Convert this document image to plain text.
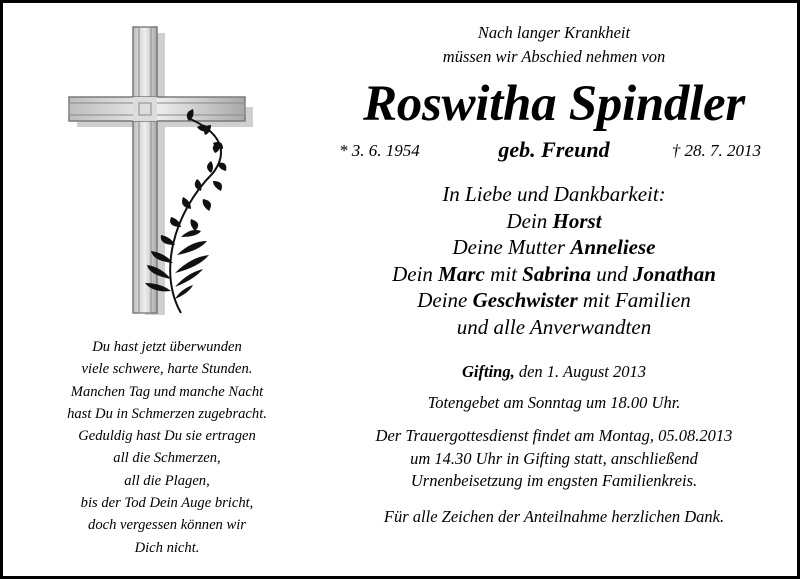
Du hast jetzt überwunden
viele schwere, harte Stunden.
Manchen Tag und manche Nacht
hast Du in Schmerzen zugebracht.
Geduldig hast Du sie ertragen
all die Schmerzen,
all die Plagen,
bis der Tod Dein Auge bricht,
doch vergessen können wir
Dich nicht.
Nach langer Krankheit
müssen wir Abschied nehmen von
Roswitha Spindler
* 3. 6. 1954	geb. Freund	† 28. 7. 2013
In Liebe und Dankbarkeit:
Dein Horst
Deine Mutter Anneliese
Dein Marc mit Sabrina und Jonathan
Deine Geschwister mit Familien
und alle Anverwandten
Gifting, den 1. August 2013
Totengebet am Sonntag um 18.00 Uhr.
Der Trauergottesdienst findet am Montag, 05.08.2013
um 14.30 Uhr in Gifting statt, anschließend
Urnenbeisetzung im engsten Familienkreis.
Für alle Zeichen der Anteilnahme herzlichen Dank.
